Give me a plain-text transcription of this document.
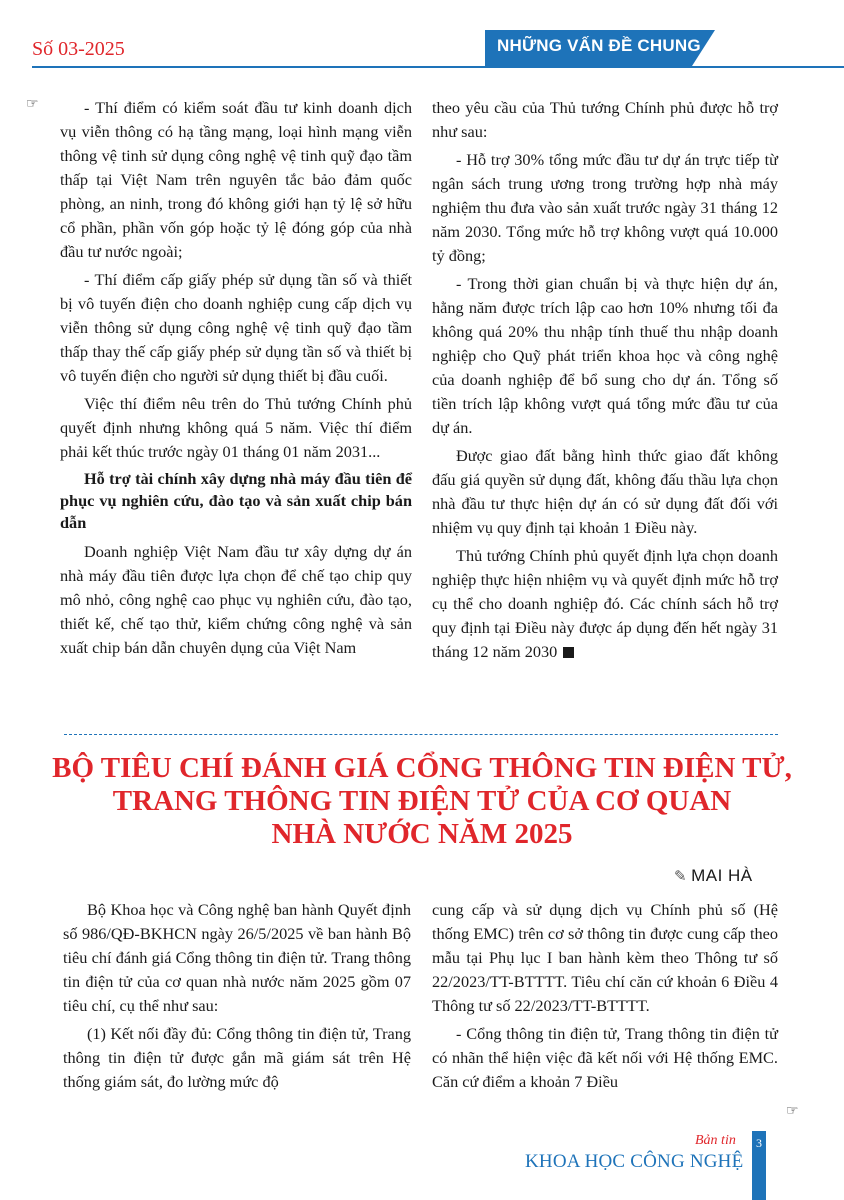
Số 03-2025	NHỮNG VẤN ĐỀ CHUNG
☞	- Thí điểm có kiểm soát đầu tư kinh doanh dịch vụ viễn thông có hạ tầng mạng, loại hình mạng viễn thông vệ tinh sử dụng công nghệ vệ tinh quỹ đạo tầm thấp tại Việt Nam trên nguyên tắc bảo đảm quốc phòng, an ninh, trong đó không giới hạn tỷ lệ sở hữu cổ phần, phần vốn góp hoặc tỷ lệ đóng góp của nhà đầu tư nước ngoài;

- Thí điểm cấp giấy phép sử dụng tần số và thiết bị vô tuyến điện cho doanh nghiệp cung cấp dịch vụ viễn thông sử dụng công nghệ vệ tinh quỹ đạo tầm thấp thay thế cấp giấy phép sử dụng tần số và thiết bị vô tuyến điện cho người sử dụng thiết bị đầu cuối.

Việc thí điểm nêu trên do Thủ tướng Chính phủ quyết định nhưng không quá 5 năm. Việc thí điểm phải kết thúc trước ngày 01 tháng 01 năm 2031...

Hỗ trợ tài chính xây dựng nhà máy đầu tiên để phục vụ nghiên cứu, đào tạo và sản xuất chip bán dẫn

Doanh nghiệp Việt Nam đầu tư xây dựng dự án nhà máy đầu tiên được lựa chọn để chế tạo chip quy mô nhỏ, công nghệ cao phục vụ nghiên cứu, đào tạo, thiết kế, chế tạo thử, kiểm chứng công nghệ và sản xuất chip bán dẫn chuyên dụng của Việt Nam

theo yêu cầu của Thủ tướng Chính phủ được hỗ trợ như sau:

- Hỗ trợ 30% tổng mức đầu tư dự án trực tiếp từ ngân sách trung ương trong trường hợp nhà máy nghiệm thu đưa vào sản xuất trước ngày 31 tháng 12 năm 2030. Tổng mức hỗ trợ không vượt quá 10.000 tỷ đồng;

- Trong thời gian chuẩn bị và thực hiện dự án, hằng năm được trích lập cao hơn 10% nhưng tối đa không quá 20% thu nhập tính thuế thu nhập doanh nghiệp cho Quỹ phát triển khoa học và công nghệ của doanh nghiệp để bổ sung cho dự án. Tổng số tiền trích lập không vượt quá tổng mức đầu tư của dự án.

Được giao đất bằng hình thức giao đất không đấu giá quyền sử dụng đất, không đấu thầu lựa chọn nhà đầu tư thực hiện dự án có sử dụng đất đối với nhiệm vụ quy định tại khoản 1 Điều này.

Thủ tướng Chính phủ quyết định lựa chọn doanh nghiệp thực hiện nhiệm vụ và quyết định mức hỗ trợ cụ thể cho doanh nghiệp đó. Các chính sách hỗ trợ quy định tại Điều này được áp dụng đến hết ngày 31 tháng 12 năm 2030

BỘ TIÊU CHÍ ĐÁNH GIÁ CỔNG THÔNG TIN ĐIỆN TỬ,
TRANG THÔNG TIN ĐIỆN TỬ CỦA CƠ QUAN
NHÀ NƯỚC NĂM 2025
✎ MAI HÀ

Bộ Khoa học và Công nghệ ban hành Quyết định số 986/QĐ-BKHCN ngày 26/5/2025 về ban hành Bộ tiêu chí đánh giá Cổng thông tin điện tử. Trang thông tin điện tử của cơ quan nhà nước năm 2025 gồm 07 tiêu chí, cụ thể như sau:

(1) Kết nối đầy đủ: Cổng thông tin điện tử, Trang thông tin điện tử được gắn mã giám sát trên Hệ thống giám sát, đo lường mức độ

cung cấp và sử dụng dịch vụ Chính phủ số (Hệ thống EMC) trên cơ sở thông tin được cung cấp theo mẫu tại Phụ lục I ban hành kèm theo Thông tư số 22/2023/TT-BTTTT. Tiêu chí căn cứ khoản 6 Điều 4 Thông tư số 22/2023/TT-BTTTT.

- Cổng thông tin điện tử, Trang thông tin điện tử có nhãn thể hiện việc đã kết nối với Hệ thống EMC. Căn cứ điểm a khoản 7 Điều

☞
Bản tin
KHOA HỌC CÔNG NGHỆ
3
